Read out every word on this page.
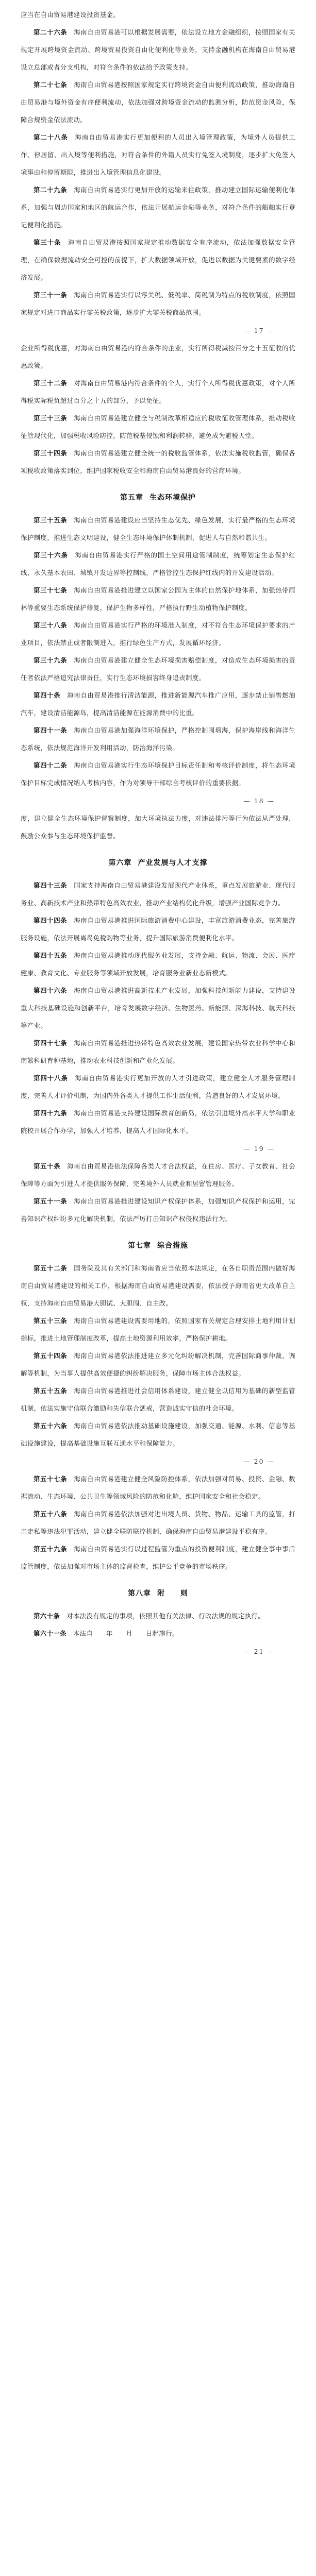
应当在自由贸易港建设投资基金。

第二十六条　 海南自由贸易港可以根据发展需要，依法设立地方金融组织，按照国家有关规定开展跨境资金流动、跨境贸易投资自由化便利化等业务，支持金融机构在海南自由贸易港设立总部或者分支机构，对符合条件的依法给予政策支持。

第二十七条　 海南自由贸易港按照国家规定实行跨境资金自由便利流动政策，推动海南自由贸易港与境外资金有序便利流动，依法加强对跨境资金流动的监测分析，防范资金风险，保障合规资金依法流动。

第二十八条　 海南自由贸易港实行更加便利的人员出入境管理政策，为境外人员提供工作、停居留、出入境等便利措施，对符合条件的外籍人员实行免签入境制度，逐步扩大免签入境事由和停留期限，推进出入境管理信息化建设。

第二十九条　 海南自由贸易港实行更加开放的运输来往政策，推动建立国际运输便利化体系，加强与周边国家和地区的航运合作，依法开展航运金融等业务，对符合条件的船舶实行登记便利化措施。

第三十条　 海南自由贸易港按照国家规定推动数据安全有序流动，依法加强数据安全管理，在确保数据流动安全可控的前提下，扩大数据领域开放，促进以数据为关键要素的数字经济发展。

第三十一条　 海南自由贸易港实行以零关税、低税率、简税制为特点的税收制度，依照国家规定对进口商品实行零关税政策，逐步扩大零关税商品范围。

— 17 —

企业所得税优惠，对海南自由贸易港内符合条件的企业，实行所得税减按百分之十五征收的优惠政策。

第三十二条　 对海南自由贸易港内符合条件的个人，实行个人所得税优惠政策，对个人所得税实际税负超过百分之十五的部分，予以免征。

第三十三条　 海南自由贸易港建立健全与税制改革相适应的税收征收管理体系，推动税收征管现代化，加强税收风险防控，防范税基侵蚀和利润转移，避免成为避税天堂。

第三十四条　 海南自由贸易港建立健全统一的税收监管体系，依法实施税收监管，确保各项税收政策落实到位，维护国家税收安全和海南自由贸易港良好的营商环境。

第五章 生态环境保护

第三十五条　 海南自由贸易港建设应当坚持生态优先、绿色发展，实行最严格的生态环境保护制度，推进生态文明建设，健全生态环境保护体制机制，促进人与自然和谐共生。

第三十六条　 海南自由贸易港实行严格的国土空间用途管制制度，统筹划定生态保护红线、永久基本农田、城镇开发边界等控制线，严格管控生态保护红线内的开发建设活动。

第三十七条　 海南自由贸易港推进建立以国家公园为主体的自然保护地体系，加强热带雨林等重要生态系统保护修复，保护生物多样性，严格执行野生动植物保护制度。

第三十八条　 海南自由贸易港实行严格的环境准入制度，对不符合生态环境保护要求的产业项目，依法禁止或者限制进入，推行绿色生产方式，发展循环经济。

第三十九条　 海南自由贸易港建立健全生态环境损害赔偿制度，对造成生态环境损害的责任者依法严格追究法律责任，实行生态环境损害终身追责制度。

第四十条　 海南自由贸易港推行清洁能源，推进新能源汽车推广应用，逐步禁止销售燃油汽车，建设清洁能源岛，提高清洁能源在能源消费中的比重。

第四十一条　 海南自由贸易港加强海洋环境保护，严格控制围填海，保护海岸线和海洋生态系统，依法规范海洋开发利用活动，防治海洋污染。

第四十二条　 海南自由贸易港实行生态环境保护目标责任制和考核评价制度，将生态环境保护目标完成情况纳入考核内容，作为对领导干部综合考核评价的重要依据。

— 18 —

度，建立健全生态环境保护督察制度，加大环境执法力度，对违法排污等行为依法从严处理，鼓励公众参与生态环境保护监督。

第六章 产业发展与人才支撑

第四十三条　 国家支持海南自由贸易港建设发展现代产业体系，重点发展旅游业、现代服务业、高新技术产业和热带特色高效农业，推动产业结构优化升级，增强产业国际竞争力。

第四十四条　 海南自由贸易港推进国际旅游消费中心建设，丰富旅游消费业态，完善旅游服务设施，依法开展离岛免税购物等业务，提升国际旅游消费便利化水平。

第四十五条　 海南自由贸易港推动现代服务业发展，支持金融、航运、物流、会展、医疗健康、教育文化、专业服务等领域开放发展，培育服务业新业态新模式。

第四十六条　 海南自由贸易港推进高新技术产业发展，加强科技创新能力建设，支持建设重大科技基础设施和创新平台，培育发展数字经济、生物医药、新能源、深海科技、航天科技等产业。

第四十七条　 海南自由贸易港推进热带特色高效农业发展，建设国家热带农业科学中心和南繁科研育种基地，推动农业科技创新和产业化发展。

第四十八条　 海南自由贸易港实行更加开放的人才引进政策，建立健全人才服务管理制度，完善人才评价机制，为国内外各类人才提供工作生活便利，营造良好的人才发展环境。

第四十九条　 海南自由贸易港支持建设国际教育创新岛，依法引进境外高水平大学和职业院校开展合作办学，加强人才培养，提高人才国际化水平。

— 19 —

第五十条　 海南自由贸易港依法保障各类人才合法权益，在住房、医疗、子女教育、社会保障等方面为引进人才提供服务保障，完善境外人员就业和居留管理服务。

第五十一条　 海南自由贸易港推进建设知识产权保护体系，加强知识产权保护和运用，完善知识产权纠纷多元化解决机制，依法严厉打击知识产权侵权违法行为。

第七章 综合措施

第五十二条　 国务院及其有关部门和海南省应当依照本法规定，在各自职责范围内做好海南自由贸易港建设的相关工作，根据海南自由贸易港建设需要，依法授予海南省更大改革自主权，支持海南自由贸易港大胆试、大胆闯、自主改。

第五十三条　 海南自由贸易港建设需要用地的，依照国家有关规定合理安排土地利用计划指标，推进土地管理制度改革，提高土地资源利用效率，严格保护耕地。

第五十四条　 海南自由贸易港依法推进建立多元化纠纷解决机制，完善国际商事仲裁、调解等机制，为当事人提供高效便捷的纠纷解决服务，保障市场主体合法权益。

第五十五条　 海南自由贸易港推进社会信用体系建设，建立健全以信用为基础的新型监管机制，依法实施守信联合激励和失信联合惩戒，营造诚实守信的社会环境。

第五十六条　 海南自由贸易港依法推动基础设施建设，加强交通、能源、水利、信息等基础设施建设，提高基础设施互联互通水平和保障能力。

— 20 —

第五十七条　 海南自由贸易港建立健全风险防控体系，依法加强对贸易、投资、金融、数据流动、生态环境、公共卫生等领域风险的防范和化解，维护国家安全和社会稳定。

第五十八条　 海南自由贸易港依法加强对进出境人员、货物、物品、运输工具的监管，打击走私等违法犯罪活动，建立健全联防联控机制，确保海南自由贸易港建设平稳有序。

第五十九条　 海南自由贸易港实行以过程监管为重点的投资便利制度，建立健全事中事后监管制度，依法加强对市场主体的监督检查，维护公平竞争的市场秩序。

第八章 附　　则

第六十条　 对本法没有规定的事项，依照其他有关法律、行政法规的规定执行。

第六十一条　 本法自　　年　　月　　日起施行。

— 21 —
